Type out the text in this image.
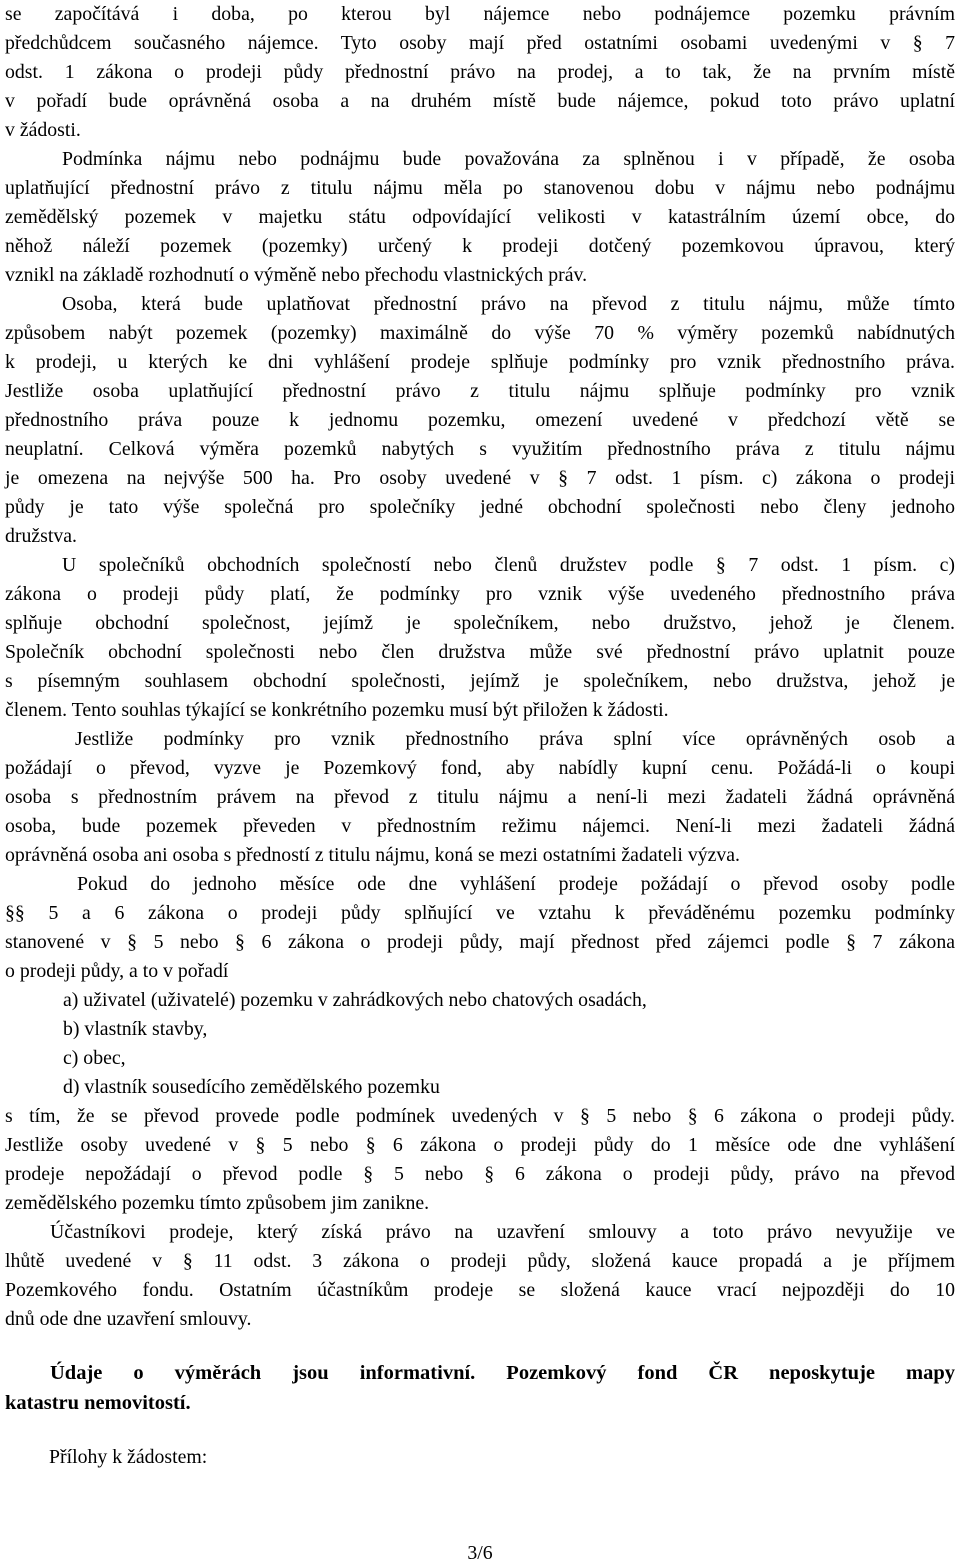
se započítává i doba, po kterou byl nájemce nebo podnájemce pozemku právním
předchůdcem současného nájemce. Tyto osoby mají před ostatními osobami uvedenými v § 7
odst. 1 zákona o prodeji půdy přednostní právo na prodej, a to tak, že na prvním místě
v pořadí bude oprávněná osoba a na druhém místě bude nájemce, pokud toto právo uplatní
v žádosti.
Podmínka nájmu nebo podnájmu bude považována za splněnou i v případě, že osoba
uplatňující přednostní právo z titulu nájmu měla po stanovenou dobu v nájmu nebo podnájmu
zemědělský pozemek v majetku státu odpovídající velikosti v katastrálním území obce, do
něhož náleží pozemek (pozemky) určený k prodeji dotčený pozemkovou úpravou, který
vznikl na základě rozhodnutí o výměně nebo přechodu vlastnických práv.
Osoba, která bude uplatňovat přednostní právo na převod z titulu nájmu, může tímto
způsobem nabýt pozemek (pozemky) maximálně do výše 70 % výměry pozemků nabídnutých
k prodeji, u kterých ke dni vyhlášení prodeje splňuje podmínky pro vznik přednostního práva.
Jestliže osoba uplatňující přednostní právo z titulu nájmu splňuje podmínky pro vznik
přednostního práva pouze k jednomu pozemku, omezení uvedené v předchozí větě se
neuplatní. Celková výměra pozemků nabytých s využitím přednostního práva z titulu nájmu
je omezena na nejvýše 500 ha. Pro osoby uvedené v § 7 odst. 1 písm. c) zákona o prodeji
půdy je tato výše společná pro společníky jedné obchodní společnosti nebo členy jednoho
družstva.
U společníků obchodních společností nebo členů družstev podle § 7 odst. 1 písm. c)
zákona o prodeji půdy platí, že podmínky pro vznik výše uvedeného přednostního práva
splňuje obchodní společnost, jejímž je společníkem, nebo družstvo, jehož je členem.
Společník obchodní společnosti nebo člen družstva může své přednostní právo uplatnit pouze
s písemným souhlasem obchodní společnosti, jejímž je společníkem, nebo družstva, jehož je
členem. Tento souhlas týkající se konkrétního pozemku musí být přiložen k žádosti.
Jestliže podmínky pro vznik přednostního práva splní více oprávněných osob a
požádají o převod, vyzve je Pozemkový fond, aby nabídly kupní cenu. Požádá-li o koupi
osoba s přednostním právem na převod z titulu nájmu a není-li mezi žadateli žádná oprávněná
osoba, bude pozemek převeden v přednostním režimu nájemci. Není-li mezi žadateli žádná
oprávněná osoba ani osoba s předností z titulu nájmu, koná se mezi ostatními žadateli výzva.
Pokud do jednoho měsíce ode dne vyhlášení prodeje požádají o převod osoby podle
§§ 5 a 6 zákona o prodeji půdy splňující ve vztahu k převáděnému pozemku podmínky
stanovené v § 5 nebo § 6 zákona o prodeji půdy, mají přednost před zájemci podle § 7 zákona
o prodeji půdy, a to v pořadí
a) uživatel (uživatelé) pozemku v zahrádkových nebo chatových osadách,
b) vlastník stavby,
c) obec,
d) vlastník sousedícího zemědělského pozemku
s tím, že se převod provede podle podmínek uvedených v § 5 nebo § 6 zákona o prodeji půdy.
Jestliže osoby uvedené v § 5 nebo § 6 zákona o prodeji půdy do 1 měsíce ode dne vyhlášení
prodeje nepožádají o převod podle § 5 nebo § 6 zákona o prodeji půdy, právo na převod
zemědělského pozemku tímto způsobem jim zanikne.
Účastníkovi prodeje, který získá právo na uzavření smlouvy a toto právo nevyužije ve
lhůtě uvedené v § 11 odst. 3 zákona o prodeji půdy, složená kauce propadá a je příjmem
Pozemkového fondu. Ostatním účastníkům prodeje se složená kauce vrací nejpozději do 10
dnů ode dne uzavření smlouvy.
Údaje o výměrách jsou informativní. Pozemkový fond ČR neposkytuje mapy
katastru nemovitostí.
Přílohy k žádostem:
3/6
